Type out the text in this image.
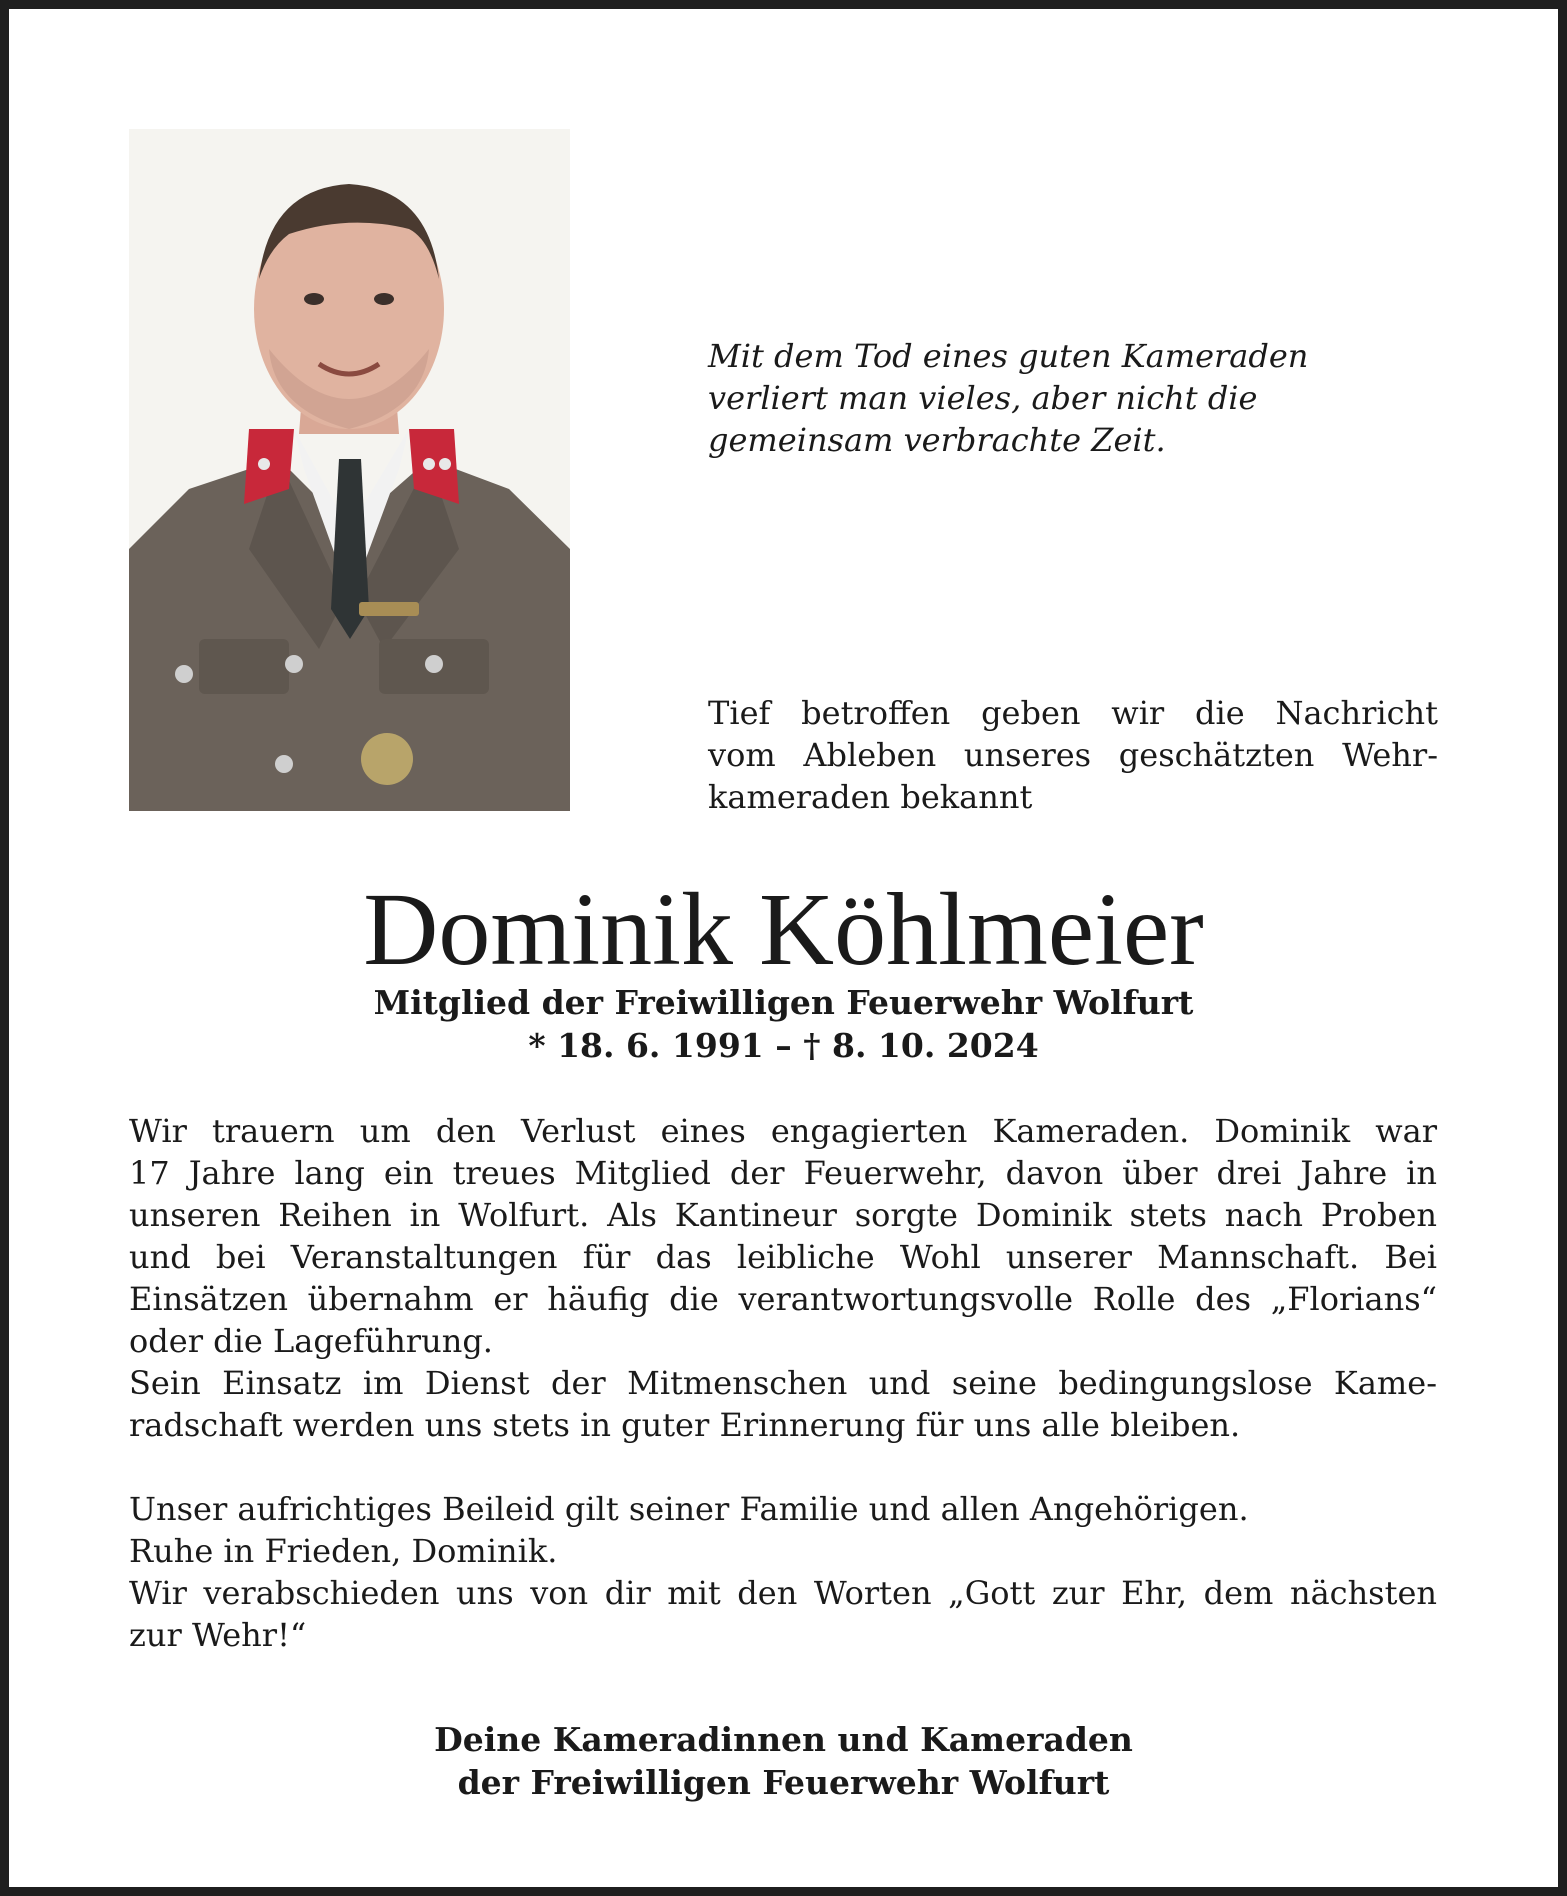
Mit dem Tod eines guten Kameraden
verliert man vieles, aber nicht die
gemeinsam verbrachte Zeit.
Tief betroffen geben wir die Nachricht
vom Ableben unseres geschätzten Wehr-
kameraden bekannt
Dominik Köhlmeier
Mitglied der Freiwilligen Feuerwehr Wolfurt
* 18. 6. 1991 – † 8. 10. 2024
Wir trauern um den Verlust eines engagierten Kameraden. Dominik war
17 Jahre lang ein treues Mitglied der Feuerwehr, davon über drei Jahre in
unseren Reihen in Wolfurt. Als Kantineur sorgte Dominik stets nach Proben
und bei Veranstaltungen für das leibliche Wohl unserer Mannschaft. Bei
Einsätzen übernahm er häufig die verantwortungsvolle Rolle des „Florians“
oder die Lageführung.
Sein Einsatz im Dienst der Mitmenschen und seine bedingungslose Kame-
radschaft werden uns stets in guter Erinnerung für uns alle bleiben.
Unser aufrichtiges Beileid gilt seiner Familie und allen Angehörigen.
Ruhe in Frieden, Dominik.
Wir verabschieden uns von dir mit den Worten „Gott zur Ehr, dem nächsten
zur Wehr!“
Deine Kameradinnen und Kameraden
der Freiwilligen Feuerwehr Wolfurt
